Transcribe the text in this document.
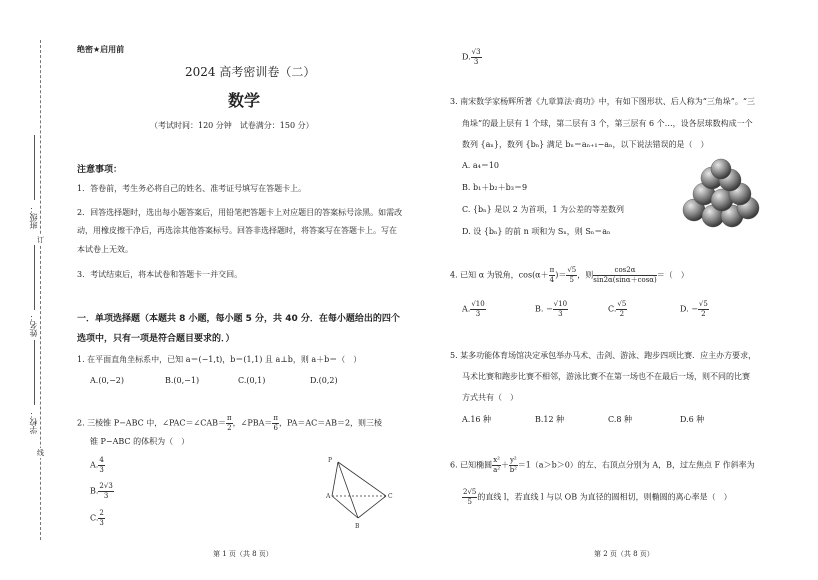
班级：
姓名：
学校：
订
线
绝密★启用前
2024 高考密训卷（二）
数学
（考试时间：120 分钟　试卷满分：150 分）
注意事项：
1．答卷前，考生务必将自己的姓名、准考证号填写在答题卡上。
2．回答选择题时，选出每小题答案后，用铅笔把答题卡上对应题目的答案标号涂黑。如需改
动，用橡皮擦干净后，再选涂其他答案标号。回答非选择题时，将答案写在答题卡上。写在
本试卷上无效。
3．考试结束后，将本试卷和答题卡一并交回。
一．单项选择题（本题共 8 小题，每小题 5 分，共 40 分．在每小题给出的四个
选项中，只有一项是符合题目要求的．）
1. 在平面直角坐标系中，已知 a＝(−1,t)，b＝(1,1) 且 a⊥b，则 a＋b＝（　）
A.(0,−2)	B.(0,−1)	C.(0,1)	D.(0,2)
2. 三棱锥 P−ABC 中，∠PAC＝∠CAB＝ $\frac{\pi}{2}$ ，∠PBA＝ $\frac{\pi}{6}$ ，PA＝AC＝AB＝2，则三棱
锥 P−ABC 的体积为（　）
A. $\frac{4}{3}$
B. $\frac{2√3}{3}$
C. $\frac{2}{3}$
P
A
B
C
第 1 页（共 8 页）
D. $\frac{√3}{3}$
3. 南宋数学家杨辉所著《九章算法·商功》中，有如下图形状、后人称为“三角垛”。“三
角垛”的最上层有 1 个球，第二层有 3 个，第三层有 6 个…，设各层球数构成一个
数列 {aₙ}，数列 {bₙ} 满足 bₙ＝aₙ₊₁−aₙ，以下说法错误的是（　）
A. a₄＝10
B. b₁＋b₂＋b₃＝9
C. {bₙ} 是以 2 为首项，1 为公差的等差数列
D. 设 {bₙ} 的前 n 项和为 Sₙ，则 Sₙ＝aₙ
4. 已知 α 为锐角，$\cos(\alpha+ \frac{\pi}{4}$ )＝ $\frac{√5}{5}$ ，则 $\frac{\cos 2\alpha}{\sin 2\alpha(\sin\alpha+\cos\alpha)}$ ＝（　）
A. $\frac{√10}{3}$	B. − $\frac{√10}{3}$	C. $\frac{√5}{2}$	D. − $\frac{√5}{2}$
5. 某多功能体育场馆决定承包举办马术、击剑、游泳、跑步四项比赛．应主办方要求，
马术比赛和跑步比赛不相邻，游泳比赛不在第一场也不在最后一场，则不同的比赛
方式共有（　）
A.16 种	B.12 种	C.8 种	D.6 种
6. 已知椭圆 $\frac{\text{x²}}{\text{a²}} + \frac{\text{y²}}{\text{b²}} =1(a>b>0)$的左、右顶点分别为 A，B，过左焦点 F 作斜率为
$\frac{2√5}{5}$ 的直线 l，若直线 l 与以 OB 为直径的圆相切，则椭圆的离心率是（　）
第 2 页（共 8 页）
